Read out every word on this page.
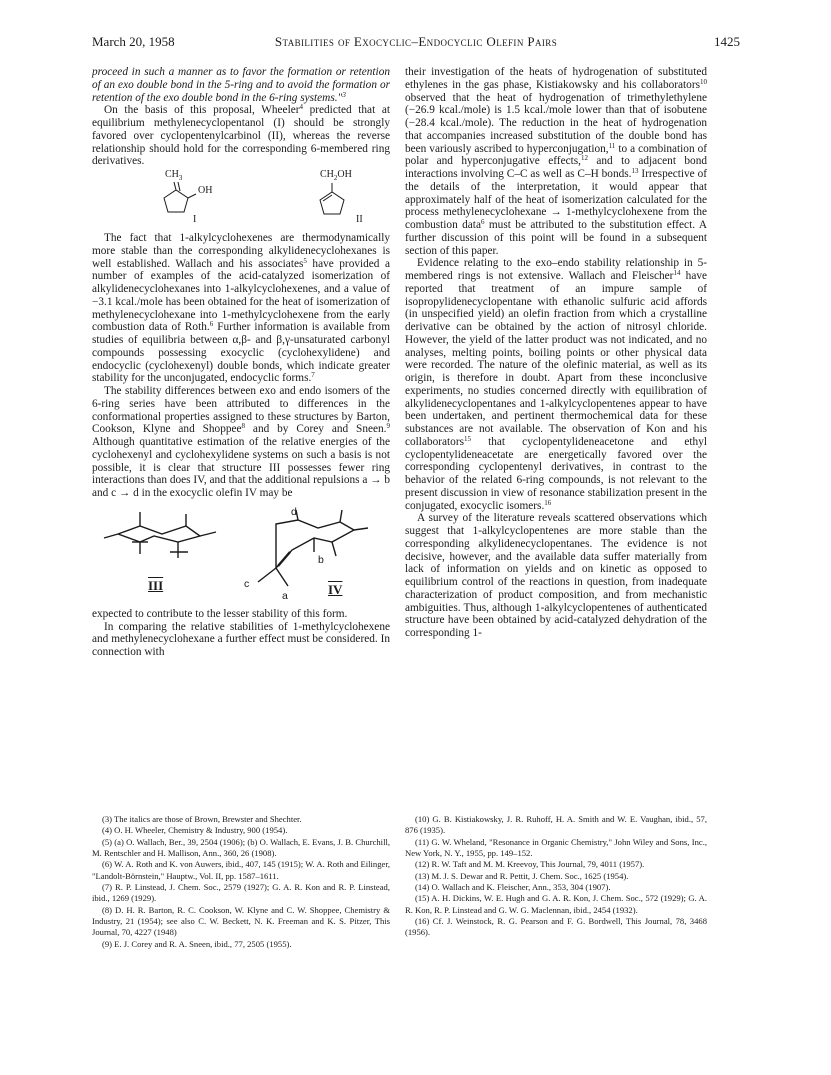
March 20, 1958	Stabilities of Exocyclic–Endocyclic Olefin Pairs	1425

proceed in such a manner as to favor the formation or retention of an exo double bond in the 5-ring and to avoid the formation or retention of the exo double bond in the 6-ring systems."$^3$

On the basis of this proposal, Wheeler$^4$ predicted that at equilibrium methylenecyclopentanol (I) should be strongly favored over cyclopentenylcarbinol (II), whereas the reverse relationship should hold for the corresponding 6-membered ring derivatives.

$CH_3$
OH
I
$CH_2OH$
II

The fact that 1-alkylcyclohexenes are thermodynamically more stable than the corresponding alkylidenecyclohexanes is well established. Wallach and his associates$^5$ have provided a number of examples of the acid-catalyzed isomerization of alkylidenecyclohexanes into 1-alkylcyclohexenes, and a value of −3.1 kcal./mole has been obtained for the heat of isomerization of methylenecyclohexane into 1-methylcyclohexene from the early combustion data of Roth.$^6$ Further information is available from studies of equilibria between α,β- and β,γ-unsaturated carbonyl compounds possessing exocyclic (cyclohexylidene) and endocyclic (cyclohexenyl) double bonds, which indicate greater stability for the unconjugated, endocyclic forms.$^7$

The stability differences between exo and endo isomers of the 6-ring series have been attributed to differences in the conformational properties assigned to these structures by Barton, Cookson, Klyne and Shoppee$^8$ and by Corey and Sneen.$^9$ Although quantitative estimation of the relative energies of the cyclohexenyl and cyclohexylidene systems on such a basis is not possible, it is clear that structure III possesses fewer ring interactions than does IV, and that the additional repulsions a → b and c → d in the exocyclic olefin IV may be

d
b
c
a
III	IV

expected to contribute to the lesser stability of this form.

In comparing the relative stabilities of 1-methylcyclohexene and methylenecyclohexane a further effect must be considered. In connection with

their investigation of the heats of hydrogenation of substituted ethylenes in the gas phase, Kistiakowsky and his collaborators$^{10}$ observed that the heat of hydrogenation of trimethylethylene (−26.9 kcal./mole) is 1.5 kcal./mole lower than that of isobutene (−28.4 kcal./mole). The reduction in the heat of hydrogenation that accompanies increased substitution of the double bond has been variously ascribed to hyperconjugation,$^{11}$ to a combination of polar and hyperconjugative effects,$^{12}$ and to adjacent bond interactions involving C–C as well as C–H bonds.$^{13}$ Irrespective of the details of the interpretation, it would appear that approximately half of the heat of isomerization calculated for the process methylenecyclohexane → 1-methylcyclohexene from the combustion data$^6$ must be attributed to the substitution effect. A further discussion of this point will be found in a subsequent section of this paper.

Evidence relating to the exo–endo stability relationship in 5-membered rings is not extensive. Wallach and Fleischer$^{14}$ have reported that treatment of an impure sample of isopropylidenecyclopentane with ethanolic sulfuric acid affords (in unspecified yield) an olefin fraction from which a crystalline derivative can be obtained by the action of nitrosyl chloride. However, the yield of the latter product was not indicated, and no analyses, melting points, boiling points or other physical data were recorded. The nature of the olefinic material, as well as its origin, is therefore in doubt. Apart from these inconclusive experiments, no studies concerned directly with equilibration of alkylidenecyclopentanes and 1-alkylcyclopentenes appear to have been undertaken, and pertinent thermochemical data for these substances are not available. The observation of Kon and his collaborators$^{15}$ that cyclopentylideneacetone and ethyl cyclopentylideneacetate are energetically favored over the corresponding cyclopentenyl derivatives, in contrast to the behavior of the related 6-ring compounds, is not relevant to the present discussion in view of resonance stabilization present in the conjugated, exocyclic isomers.$^{16}$

A survey of the literature reveals scattered observations which suggest that 1-alkylcyclopentenes are more stable than the corresponding alkylidenecyclopentanes. The evidence is not decisive, however, and the available data suffer materially from lack of information on yields and on kinetic as opposed to equilibrium control of the reactions in question, from inadequate characterization of product composition, and from mechanistic ambiguities. Thus, although 1-alkylcyclopentenes of authenticated structure have been obtained by acid-catalyzed dehydration of the corresponding 1-

(3) The italics are those of Brown, Brewster and Shechter.

(4) O. H. Wheeler, Chemistry & Industry, 900 (1954).

(5) (a) O. Wallach, Ber., 39, 2504 (1906); (b) O. Wallach, E. Evans, J. B. Churchill, M. Rentschler and H. Mallison, Ann., 360, 26 (1908).

(6) W. A. Roth and K. von Auwers, ibid., 407, 145 (1915); W. A. Roth and Eilinger, "Landolt-Börnstein," Hauptw., Vol. II, pp. 1587–1611.

(7) R. P. Linstead, J. Chem. Soc., 2579 (1927); G. A. R. Kon and R. P. Linstead, ibid., 1269 (1929).

(8) D. H. R. Barton, R. C. Cookson, W. Klyne and C. W. Shoppee, Chemistry & Industry, 21 (1954); see also C. W. Beckett, N. K. Freeman and K. S. Pitzer, This Journal, 70, 4227 (1948)

(9) E. J. Corey and R. A. Sneen, ibid., 77, 2505 (1955).

(10) G. B. Kistiakowsky, J. R. Ruhoff, H. A. Smith and W. E. Vaughan, ibid., 57, 876 (1935).

(11) G. W. Wheland, "Resonance in Organic Chemistry," John Wiley and Sons, Inc., New York, N. Y., 1955, pp. 149–152.

(12) R. W. Taft and M. M. Kreevoy, This Journal, 79, 4011 (1957).

(13) M. J. S. Dewar and R. Pettit, J. Chem. Soc., 1625 (1954).

(14) O. Wallach and K. Fleischer, Ann., 353, 304 (1907).

(15) A. H. Dickins, W. E. Hugh and G. A. R. Kon, J. Chem. Soc., 572 (1929); G. A. R. Kon, R. P. Linstead and G. W. G. Maclennan, ibid., 2454 (1932).

(16) Cf. J. Weinstock, R. G. Pearson and F. G. Bordwell, This Journal, 78, 3468 (1956).
